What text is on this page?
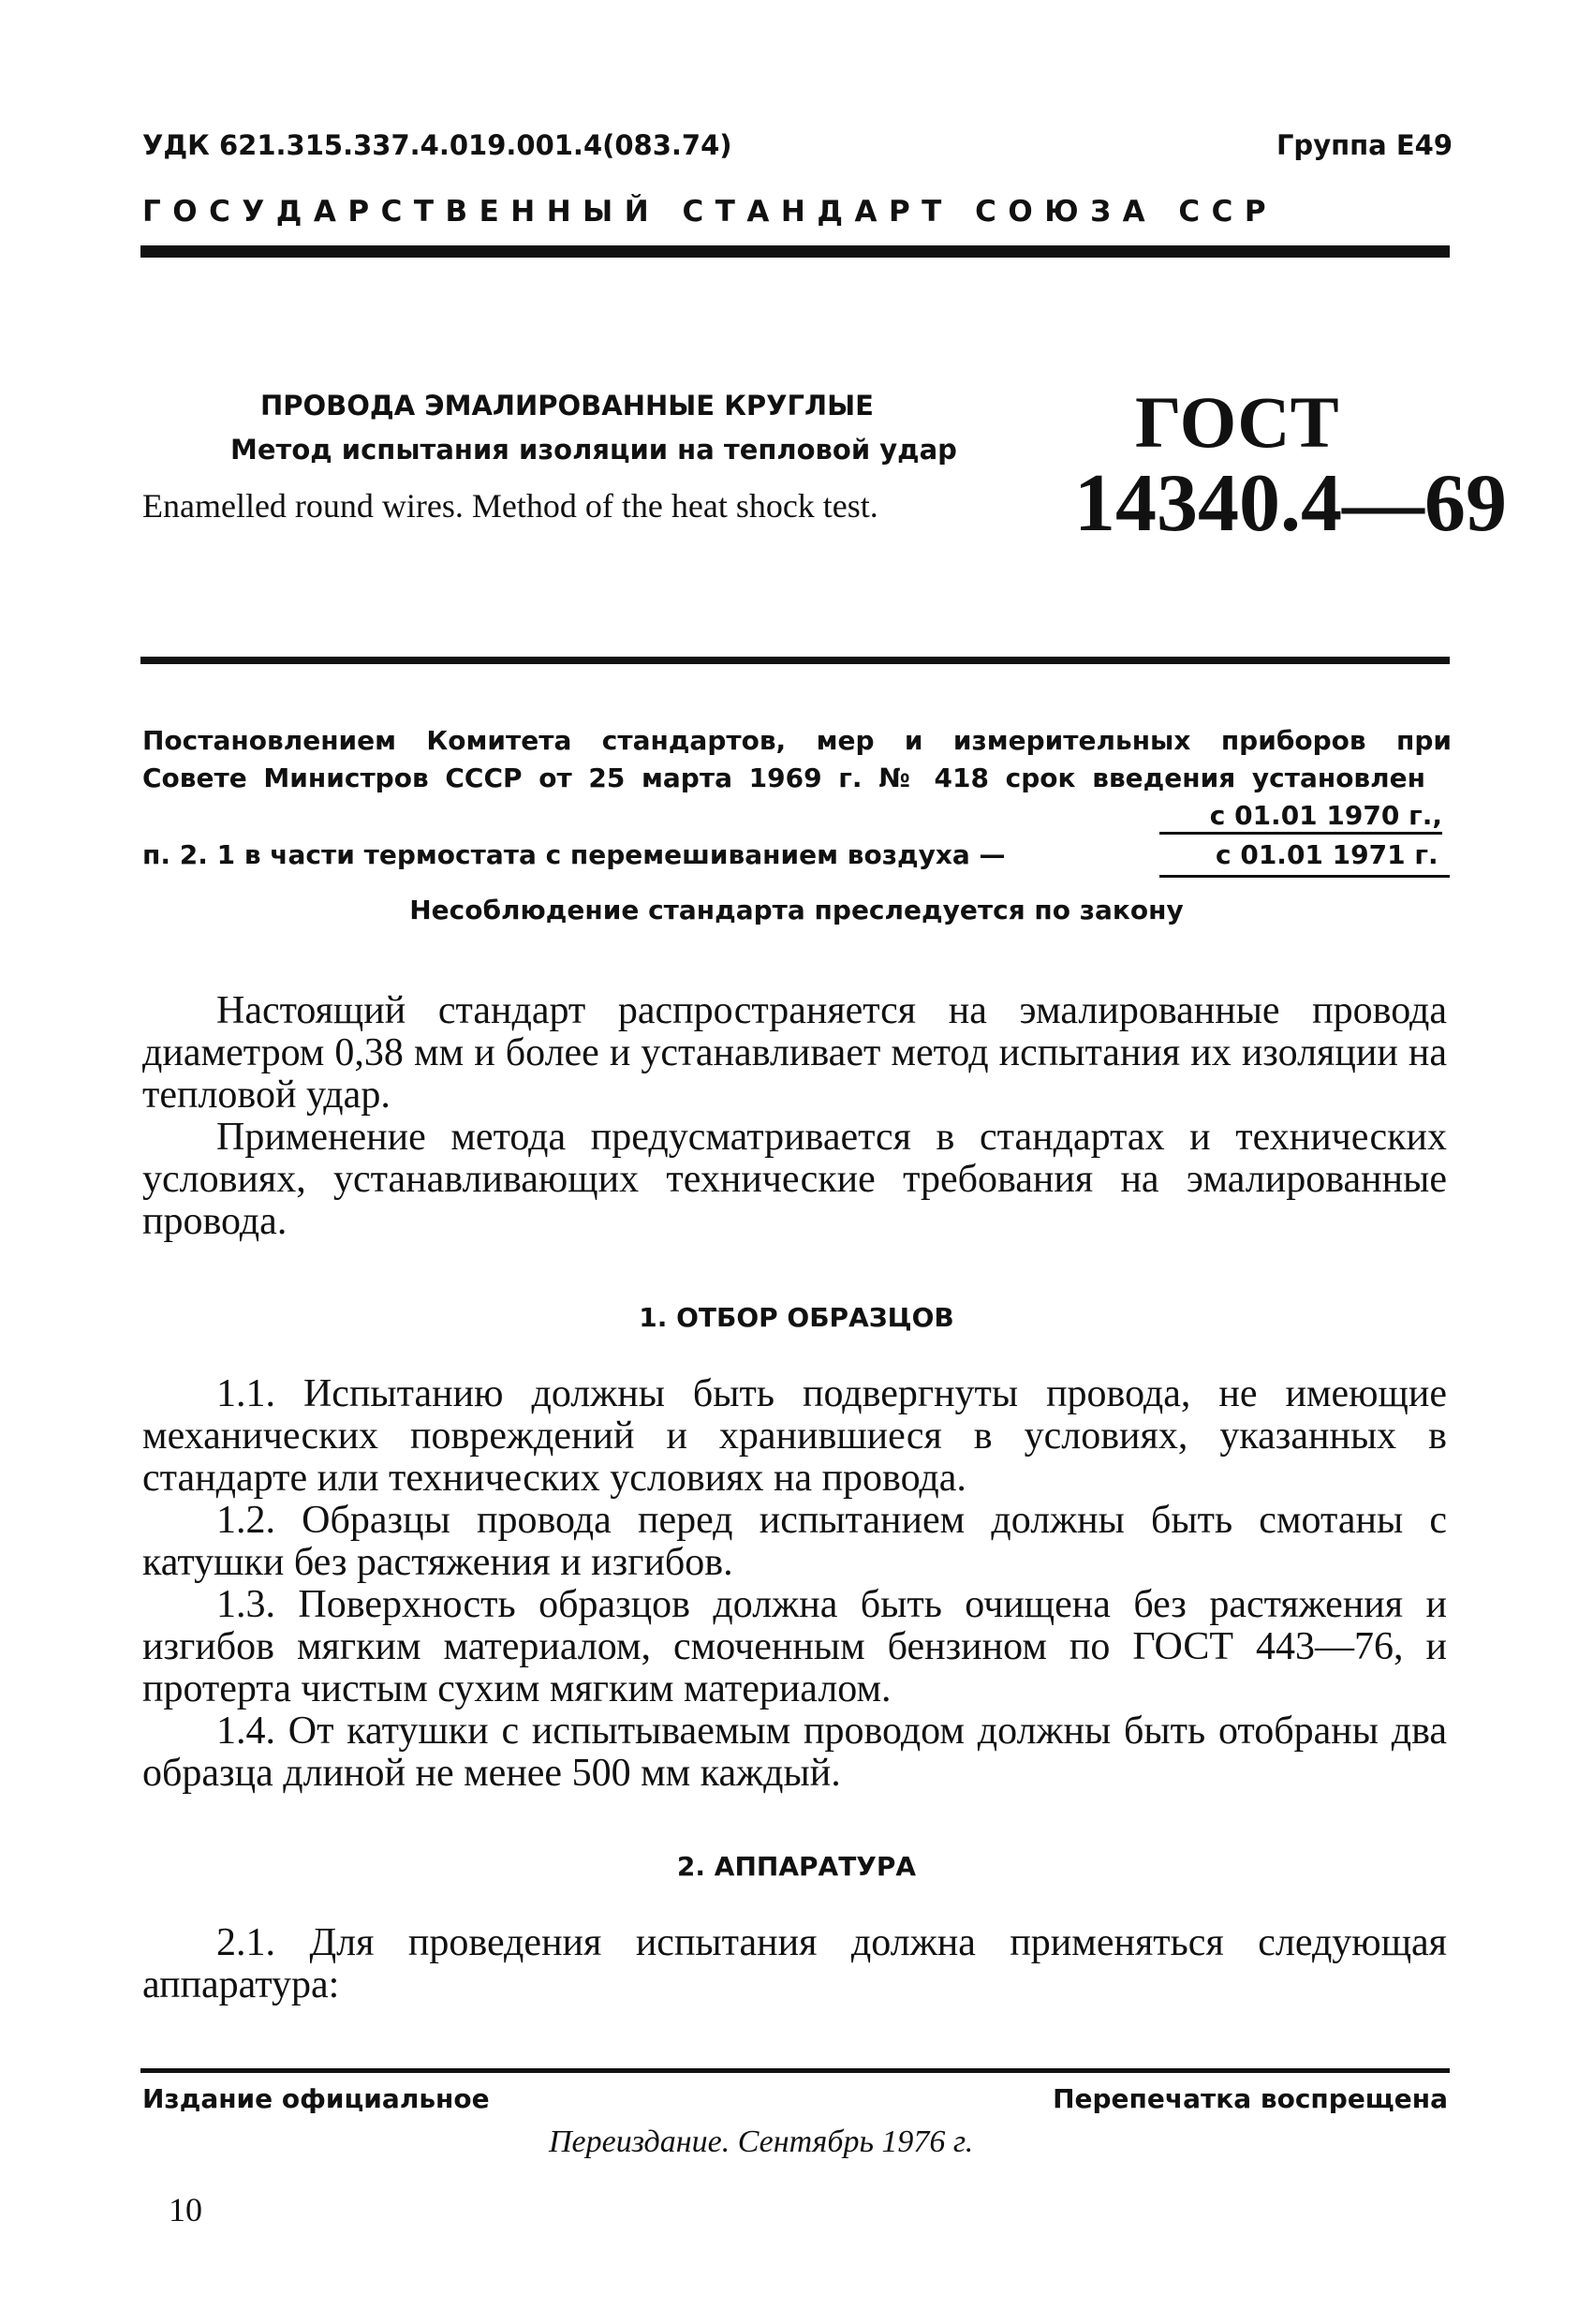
УДК 621.315.337.4.019.001.4(083.74)	Группа Е49
ГОСУДАРСТВЕННЫЙ СТАНДАРТ СОЮЗА ССР
ПРОВОДА ЭМАЛИРОВАННЫЕ КРУГЛЫЕ
Метод испытания изоляции на тепловой удар
Enamelled round wires. Method of the heat shock test.
ГОСТ
14340.4—69
Постановлением Комитета стандартов, мер и измерительных приборов при
Совете Министров СССР от 25 марта 1969 г. № 418 срок введения установлен
с 01.01 1970 г.,
п. 2. 1 в части термостата с перемешиванием воздуха —	с 01.01 1971 г.
Несоблюдение стандарта преследуется по закону

Настоящий стандарт распространяется на эмалированные провода диаметром 0,38 мм и более и устанавливает метод испытания их изоляции на тепловой удар.

Применение метода предусматривается в стандартах и технических условиях, устанавливающих технические требования на эмалированные провода.

1. ОТБОР ОБРАЗЦОВ

1.1. Испытанию должны быть подвергнуты провода, не имеющие механических повреждений и хранившиеся в условиях, указанных в стандарте или технических условиях на провода.

1.2. Образцы провода перед испытанием должны быть смотаны с катушки без растяжения и изгибов.

1.3. Поверхность образцов должна быть очищена без растяжения и изгибов мягким материалом, смоченным бензином по ГОСТ 443—76, и протерта чистым сухим мягким материалом.

1.4. От катушки с испытываемым проводом должны быть отобраны два образца длиной не менее 500 мм каждый.

2. АППАРАТУРА

2.1. Для проведения испытания должна применяться следующая аппаратура:

Издание официальное	Перепечатка воспрещена
Переиздание. Сентябрь 1976 г.
10
